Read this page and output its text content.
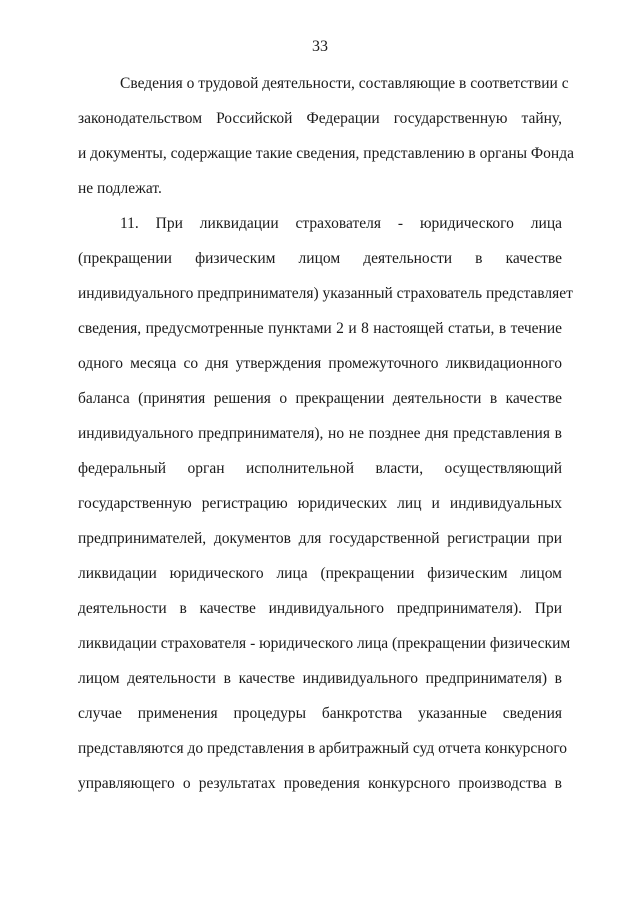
33
Сведения о трудовой деятельности, составляющие в соответствии с
законодательством Российской Федерации государственную тайну,
и документы, содержащие такие сведения, представлению в органы Фонда
не подлежат.
11. При ликвидации страхователя - юридического лица
(прекращении физическим лицом деятельности в качестве
индивидуального предпринимателя) указанный страхователь представляет
сведения, предусмотренные пунктами 2 и 8 настоящей статьи, в течение
одного месяца со дня утверждения промежуточного ликвидационного
баланса (принятия решения о прекращении деятельности в качестве
индивидуального предпринимателя), но не позднее дня представления в
федеральный орган исполнительной власти, осуществляющий
государственную регистрацию юридических лиц и индивидуальных
предпринимателей, документов для государственной регистрации при
ликвидации юридического лица (прекращении физическим лицом
деятельности в качестве индивидуального предпринимателя). При
ликвидации страхователя - юридического лица (прекращении физическим
лицом деятельности в качестве индивидуального предпринимателя) в
случае применения процедуры банкротства указанные сведения
представляются до представления в арбитражный суд отчета конкурсного
управляющего о результатах проведения конкурсного производства в
